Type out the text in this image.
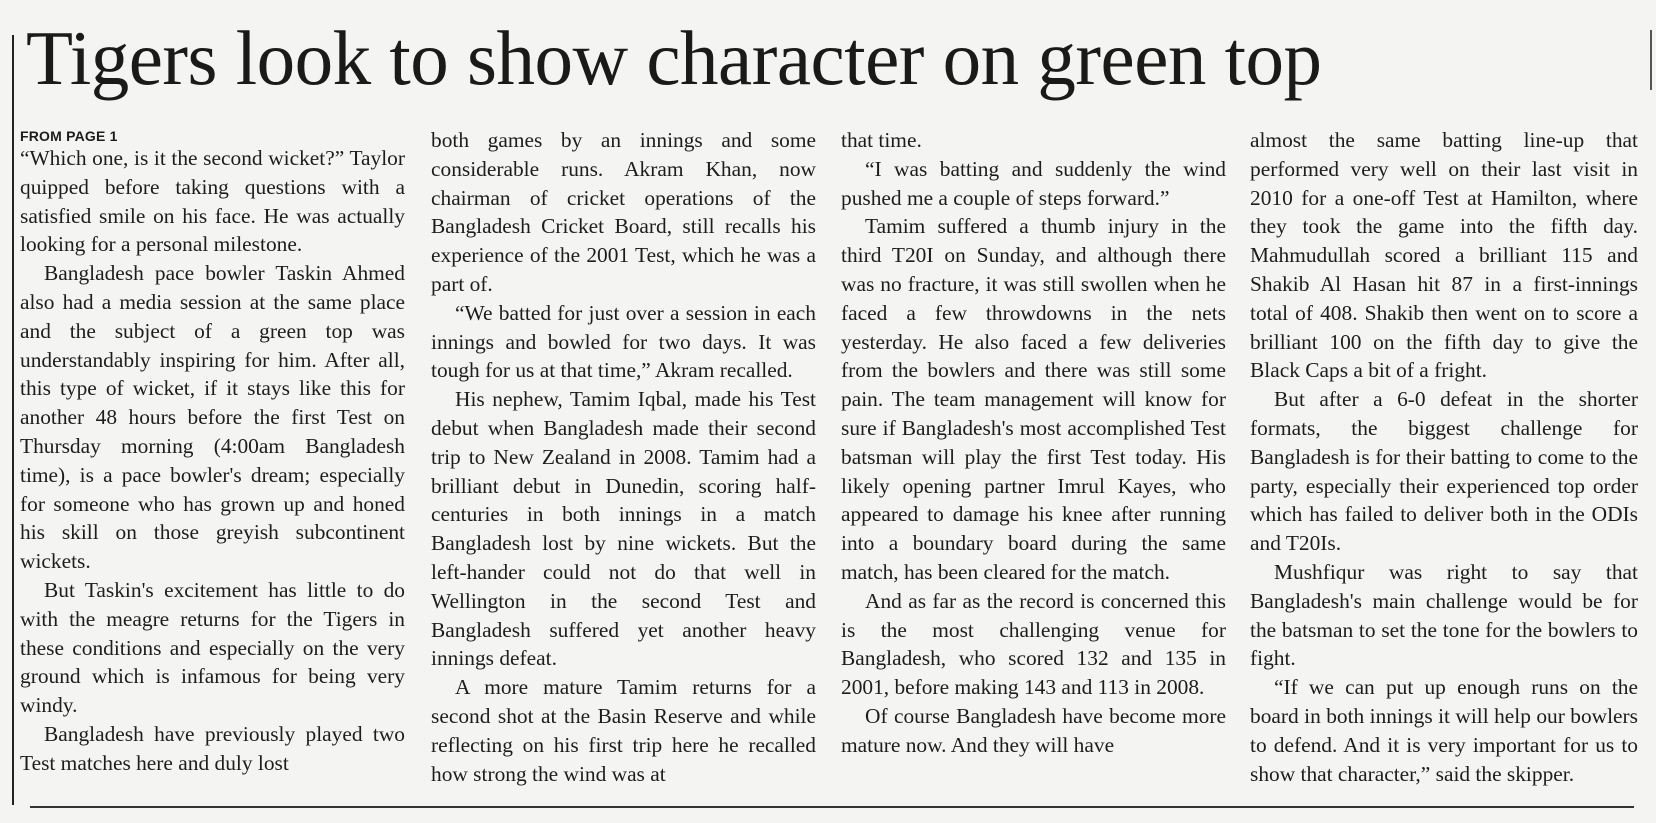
Tigers look to show character on green top
FROM PAGE 1

“Which one, is it the second wicket?” Taylor quipped before taking questions with a satisfied smile on his face. He was actually looking for a personal milestone.

Bangladesh pace bowler Taskin Ahmed also had a media session at the same place and the subject of a green top was understandably inspiring for him. After all, this type of wicket, if it stays like this for another 48 hours before the first Test on Thursday morning (4:00am Bangladesh time), is a pace bowler's dream; especially for someone who has grown up and honed his skill on those greyish subcontinent wickets.

But Taskin's excitement has little to do with the meagre returns for the Tigers in these conditions and especially on the very ground which is infamous for being very windy.

Bangladesh have previously played two Test matches here and duly lost

both games by an innings and some considerable runs. Akram Khan, now chairman of cricket operations of the Bangladesh Cricket Board, still recalls his experience of the 2001 Test, which he was a part of.

“We batted for just over a session in each innings and bowled for two days. It was tough for us at that time,” Akram recalled.

His nephew, Tamim Iqbal, made his Test debut when Bangladesh made their second trip to New Zealand in 2008. Tamim had a brilliant debut in Dunedin, scoring half-centuries in both innings in a match Bangladesh lost by nine wickets. But the left-hander could not do that well in Wellington in the second Test and Bangladesh suffered yet another heavy innings defeat.

A more mature Tamim returns for a second shot at the Basin Reserve and while reflecting on his first trip here he recalled how strong the wind was at

that time.

“I was batting and suddenly the wind pushed me a couple of steps forward.”

Tamim suffered a thumb injury in the third T20I on Sunday, and although there was no fracture, it was still swollen when he faced a few throwdowns in the nets yesterday. He also faced a few deliveries from the bowlers and there was still some pain. The team management will know for sure if Bangladesh's most accomplished Test batsman will play the first Test today. His likely opening partner Imrul Kayes, who appeared to damage his knee after running into a boundary board during the same match, has been cleared for the match.

And as far as the record is concerned this is the most challenging venue for Bangladesh, who scored 132 and 135 in 2001, before making 143 and 113 in 2008.

Of course Bangladesh have become more mature now. And they will have

almost the same batting line-up that performed very well on their last visit in 2010 for a one-off Test at Hamilton, where they took the game into the fifth day. Mahmudullah scored a brilliant 115 and Shakib Al Hasan hit 87 in a first-innings total of 408. Shakib then went on to score a brilliant 100 on the fifth day to give the Black Caps a bit of a fright.

But after a 6-0 defeat in the shorter formats, the biggest challenge for Bangladesh is for their batting to come to the party, especially their experienced top order which has failed to deliver both in the ODIs and T20Is.

Mushfiqur was right to say that Bangladesh's main challenge would be for the batsman to set the tone for the bowlers to fight.

“If we can put up enough runs on the board in both innings it will help our bowlers to defend. And it is very important for us to show that character,” said the skipper.
